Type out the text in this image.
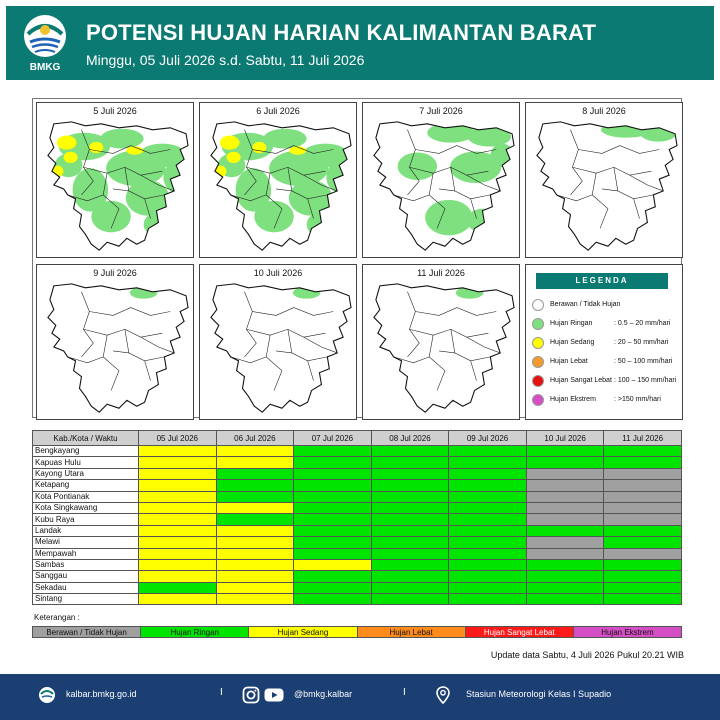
BMKG
POTENSI HUJAN HARIAN KALIMANTAN BARAT
Minggu, 05 Juli 2026 s.d. Sabtu, 11 Juli 2026
5 Juli 2026	6 Juli 2026	7 Juli 2026	8 Juli 2026
9 Juli 2026	10 Juli 2026	11 Juli 2026
LEGENDA
Berawan / Tidak Hujan
Hujan Ringan	: 0.5 – 20 mm/hari
Hujan Sedang	: 20 – 50 mm/hari
Hujan Lebat	: 50 – 100 mm/hari
Hujan Sangat Lebat : 100 – 150 mm/hari
Hujan Ekstrem	: >150 mm/hari
Kab./Kota / Waktu	05 Jul 2026	06 Jul 2026	07 Jul 2026	08 Jul 2026	09 Jul 2026	10 Jul 2026	11 Jul 2026
Bengkayang							
Kapuas Hulu							
Kayong Utara							
Ketapang							
Kota Pontianak							
Kota Singkawang							
Kubu Raya							
Landak							
Melawi							
Mempawah							
Sambas							
Sanggau							
Sekadau							
Sintang							
Keterangan :
Berawan / Tidak Hujan	Hujan Ringan	Hujan Sedang	Hujan Lebat	Hujan Sangat Lebat	Hujan Ekstrem
Update data Sabtu, 4 Juli 2026 Pukul 20.21 WIB
kalbar.bmkg.go.id	I	@bmkg.kalbar	I	Stasiun Meteorologi Kelas I Supadio
